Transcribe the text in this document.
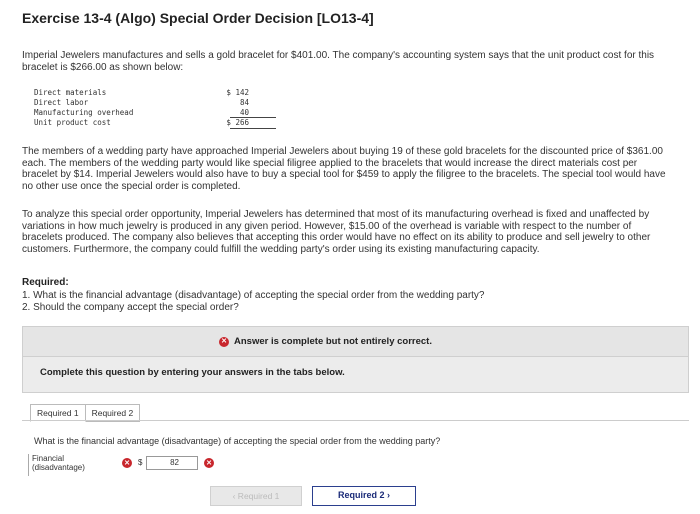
Exercise 13-4 (Algo) Special Order Decision [LO13-4]
Imperial Jewelers manufactures and sells a gold bracelet for $401.00. The company's accounting system says that the unit product cost for this bracelet is $266.00 as shown below:
Direct materials	$ 142
Direct labor	84
Manufacturing overhead	40
Unit product cost	$ 266
The members of a wedding party have approached Imperial Jewelers about buying 19 of these gold bracelets for the discounted price of $361.00 each. The members of the wedding party would like special filigree applied to the bracelets that would increase the direct materials cost per bracelet by $14. Imperial Jewelers would also have to buy a special tool for $459 to apply the filigree to the bracelets. The special tool would have no other use once the special order is completed.
To analyze this special order opportunity, Imperial Jewelers has determined that most of its manufacturing overhead is fixed and unaffected by variations in how much jewelry is produced in any given period. However, $15.00 of the overhead is variable with respect to the number of bracelets produced. The company also believes that accepting this order would have no effect on its ability to produce and sell jewelry to other customers. Furthermore, the company could fulfill the wedding party's order using its existing manufacturing capacity.
Required:
1. What is the financial advantage (disadvantage) of accepting the special order from the wedding party?
2. Should the company accept the special order?
✕ Answer is complete but not entirely correct.
Complete this question by entering your answers in the tabs below.
Required 1	Required 2
What is the financial advantage (disadvantage) of accepting the special order from the wedding party?
Financial (disadvantage)	✕ $	82	✕
‹ Required 1	Required 2 ›
